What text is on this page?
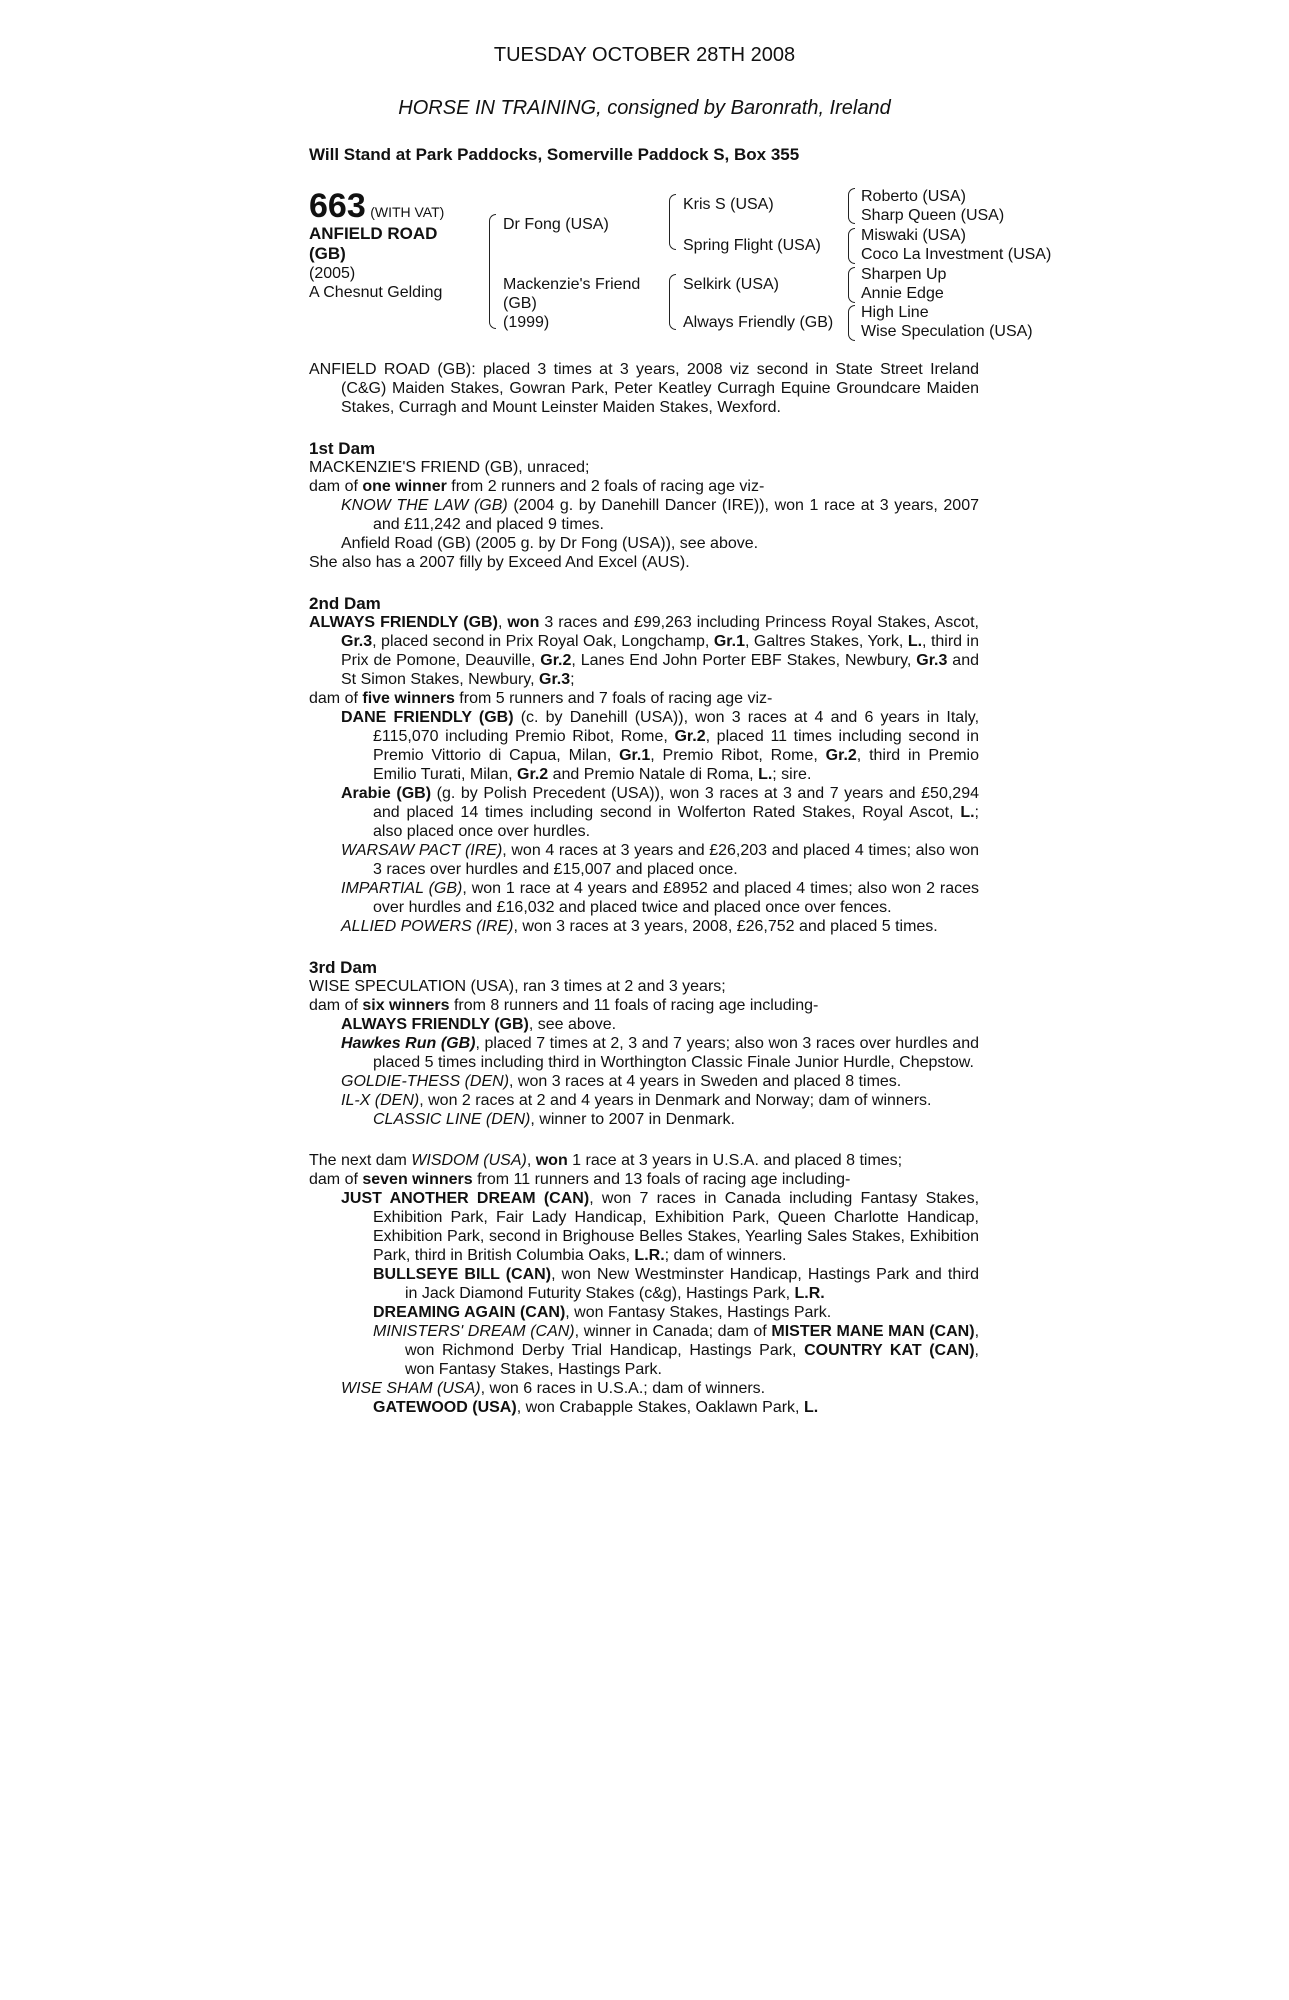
TUESDAY OCTOBER 28TH 2008
HORSE IN TRAINING, consigned by Baronrath, Ireland
Will Stand at Park Paddocks, Somerville Paddock S, Box 355
663 (WITH VAT)
ANFIELD ROAD
(GB)
(2005)
A Chesnut Gelding
Dr Fong (USA)
Mackenzie's Friend
(GB)
(1999)
Kris S (USA)
Spring Flight (USA)
Selkirk (USA)
Always Friendly (GB)
Roberto (USA)
Sharp Queen (USA)
Miswaki (USA)
Coco La Investment (USA)
Sharpen Up
Annie Edge
High Line
Wise Speculation (USA)

ANFIELD ROAD (GB): placed 3 times at 3 years, 2008 viz second in State Street Ireland (C&G) Maiden Stakes, Gowran Park, Peter Keatley Curragh Equine Groundcare Maiden Stakes, Curragh and Mount Leinster Maiden Stakes, Wexford.

1st Dam

MACKENZIE'S FRIEND (GB), unraced;

dam of one winner from 2 runners and 2 foals of racing age viz-

KNOW THE LAW (GB) (2004 g. by Danehill Dancer (IRE)), won 1 race at 3 years, 2007 and £11,242 and placed 9 times.

Anfield Road (GB) (2005 g. by Dr Fong (USA)), see above.

She also has a 2007 filly by Exceed And Excel (AUS).

2nd Dam

ALWAYS FRIENDLY (GB), won 3 races and £99,263 including Princess Royal Stakes, Ascot, Gr.3, placed second in Prix Royal Oak, Longchamp, Gr.1, Galtres Stakes, York, L., third in Prix de Pomone, Deauville, Gr.2, Lanes End John Porter EBF Stakes, Newbury, Gr.3 and St Simon Stakes, Newbury, Gr.3;

dam of five winners from 5 runners and 7 foals of racing age viz-

DANE FRIENDLY (GB) (c. by Danehill (USA)), won 3 races at 4 and 6 years in Italy, £115,070 including Premio Ribot, Rome, Gr.2, placed 11 times including second in Premio Vittorio di Capua, Milan, Gr.1, Premio Ribot, Rome, Gr.2, third in Premio Emilio Turati, Milan, Gr.2 and Premio Natale di Roma, L.; sire.

Arabie (GB) (g. by Polish Precedent (USA)), won 3 races at 3 and 7 years and £50,294 and placed 14 times including second in Wolferton Rated Stakes, Royal Ascot, L.; also placed once over hurdles.

WARSAW PACT (IRE), won 4 races at 3 years and £26,203 and placed 4 times; also won 3 races over hurdles and £15,007 and placed once.

IMPARTIAL (GB), won 1 race at 4 years and £8952 and placed 4 times; also won 2 races over hurdles and £16,032 and placed twice and placed once over fences.

ALLIED POWERS (IRE), won 3 races at 3 years, 2008, £26,752 and placed 5 times.

3rd Dam

WISE SPECULATION (USA), ran 3 times at 2 and 3 years;

dam of six winners from 8 runners and 11 foals of racing age including-

ALWAYS FRIENDLY (GB), see above.

Hawkes Run (GB), placed 7 times at 2, 3 and 7 years; also won 3 races over hurdles and placed 5 times including third in Worthington Classic Finale Junior Hurdle, Chepstow.

GOLDIE-THESS (DEN), won 3 races at 4 years in Sweden and placed 8 times.

IL-X (DEN), won 2 races at 2 and 4 years in Denmark and Norway; dam of winners.

CLASSIC LINE (DEN), winner to 2007 in Denmark.

The next dam WISDOM (USA), won 1 race at 3 years in U.S.A. and placed 8 times;

dam of seven winners from 11 runners and 13 foals of racing age including-

JUST ANOTHER DREAM (CAN), won 7 races in Canada including Fantasy Stakes, Exhibition Park, Fair Lady Handicap, Exhibition Park, Queen Charlotte Handicap, Exhibition Park, second in Brighouse Belles Stakes, Yearling Sales Stakes, Exhibition Park, third in British Columbia Oaks, L.R.; dam of winners.

BULLSEYE BILL (CAN), won New Westminster Handicap, Hastings Park and third in Jack Diamond Futurity Stakes (c&g), Hastings Park, L.R.

DREAMING AGAIN (CAN), won Fantasy Stakes, Hastings Park.

MINISTERS' DREAM (CAN), winner in Canada; dam of MISTER MANE MAN (CAN), won Richmond Derby Trial Handicap, Hastings Park, COUNTRY KAT (CAN), won Fantasy Stakes, Hastings Park.

WISE SHAM (USA), won 6 races in U.S.A.; dam of winners.

GATEWOOD (USA), won Crabapple Stakes, Oaklawn Park, L.
